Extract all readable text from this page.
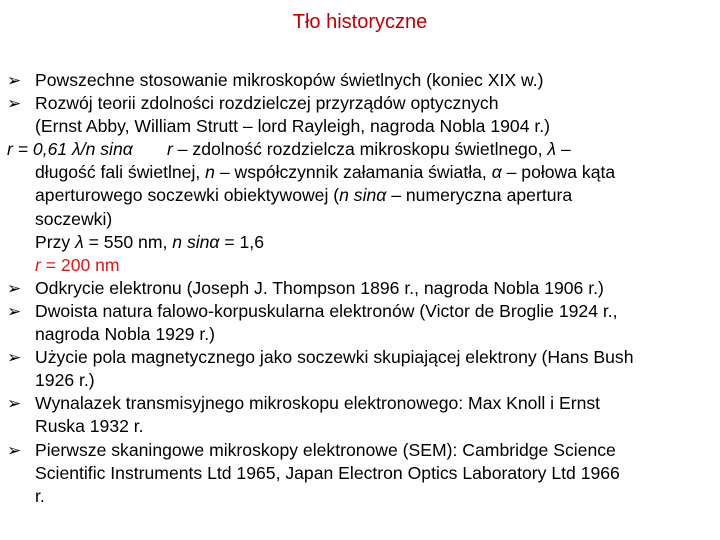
Tło historyczne
➢ Powszechne stosowanie mikroskopów świetlnych (koniec XIX w.)
➢ Rozwój teorii zdolności rozdzielczej przyrządów optycznych
(Ernst Abby, William Strutt – lord Rayleigh, nagroda Nobla 1904 r.)
r = 0,61 λ/n sinα r – zdolność rozdzielcza mikroskopu świetlnego, λ –
długość fali świetlnej, n – współczynnik załamania światła, α – połowa kąta
aperturowego soczewki obiektywowej (n sinα – numeryczna apertura
soczewki)
Przy λ = 550 nm, n sinα = 1,6
r = 200 nm
➢ Odkrycie elektronu (Joseph J. Thompson 1896 r., nagroda Nobla 1906 r.)
➢ Dwoista natura falowo-korpuskularna elektronów (Victor de Broglie 1924 r.,
nagroda Nobla 1929 r.)
➢ Użycie pola magnetycznego jako soczewki skupiającej elektrony (Hans Bush
1926 r.)
➢ Wynalazek transmisyjnego mikroskopu elektronowego: Max Knoll i Ernst
Ruska 1932 r.
➢ Pierwsze skaningowe mikroskopy elektronowe (SEM): Cambridge Science
Scientific Instruments Ltd 1965, Japan Electron Optics Laboratory Ltd 1966
r.
